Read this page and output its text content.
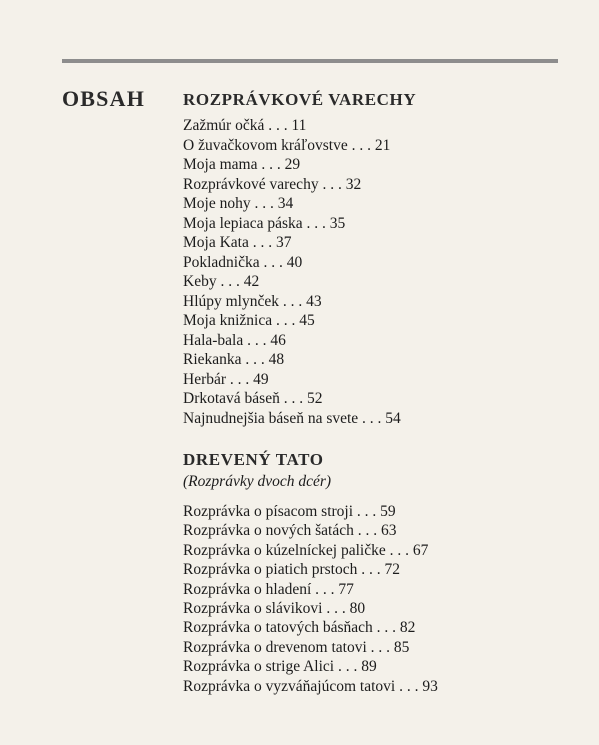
OBSAH ROZPRÁVKOVÉ VARECHY
Zažmúr očká . . . 11
O žuvačkovom kráľovstve . . . 21
Moja mama . . . 29
Rozprávkové varechy . . . 32
Moje nohy . . . 34
Moja lepiaca páska . . . 35
Moja Kata . . . 37
Pokladnička . . . 40
Keby . . . 42
Hlúpy mlynček . . . 43
Moja knižnica . . . 45
Hala-bala . . . 46
Riekanka . . . 48
Herbár . . . 49
Drkotavá báseň . . . 52
Najnudnejšia báseň na svete . . . 54
DREVENÝ TATO
(Rozprávky dvoch dcér)
Rozprávka o písacom stroji . . . 59
Rozprávka o nových šatách . . . 63
Rozprávka o kúzelníckej paličke . . . 67
Rozprávka o piatich prstoch . . . 72
Rozprávka o hladení . . . 77
Rozprávka o slávikovi . . . 80
Rozprávka o tatových básňach . . . 82
Rozprávka o drevenom tatovi . . . 85
Rozprávka o strige Alici . . . 89
Rozprávka o vyzváňajúcom tatovi . . . 93
